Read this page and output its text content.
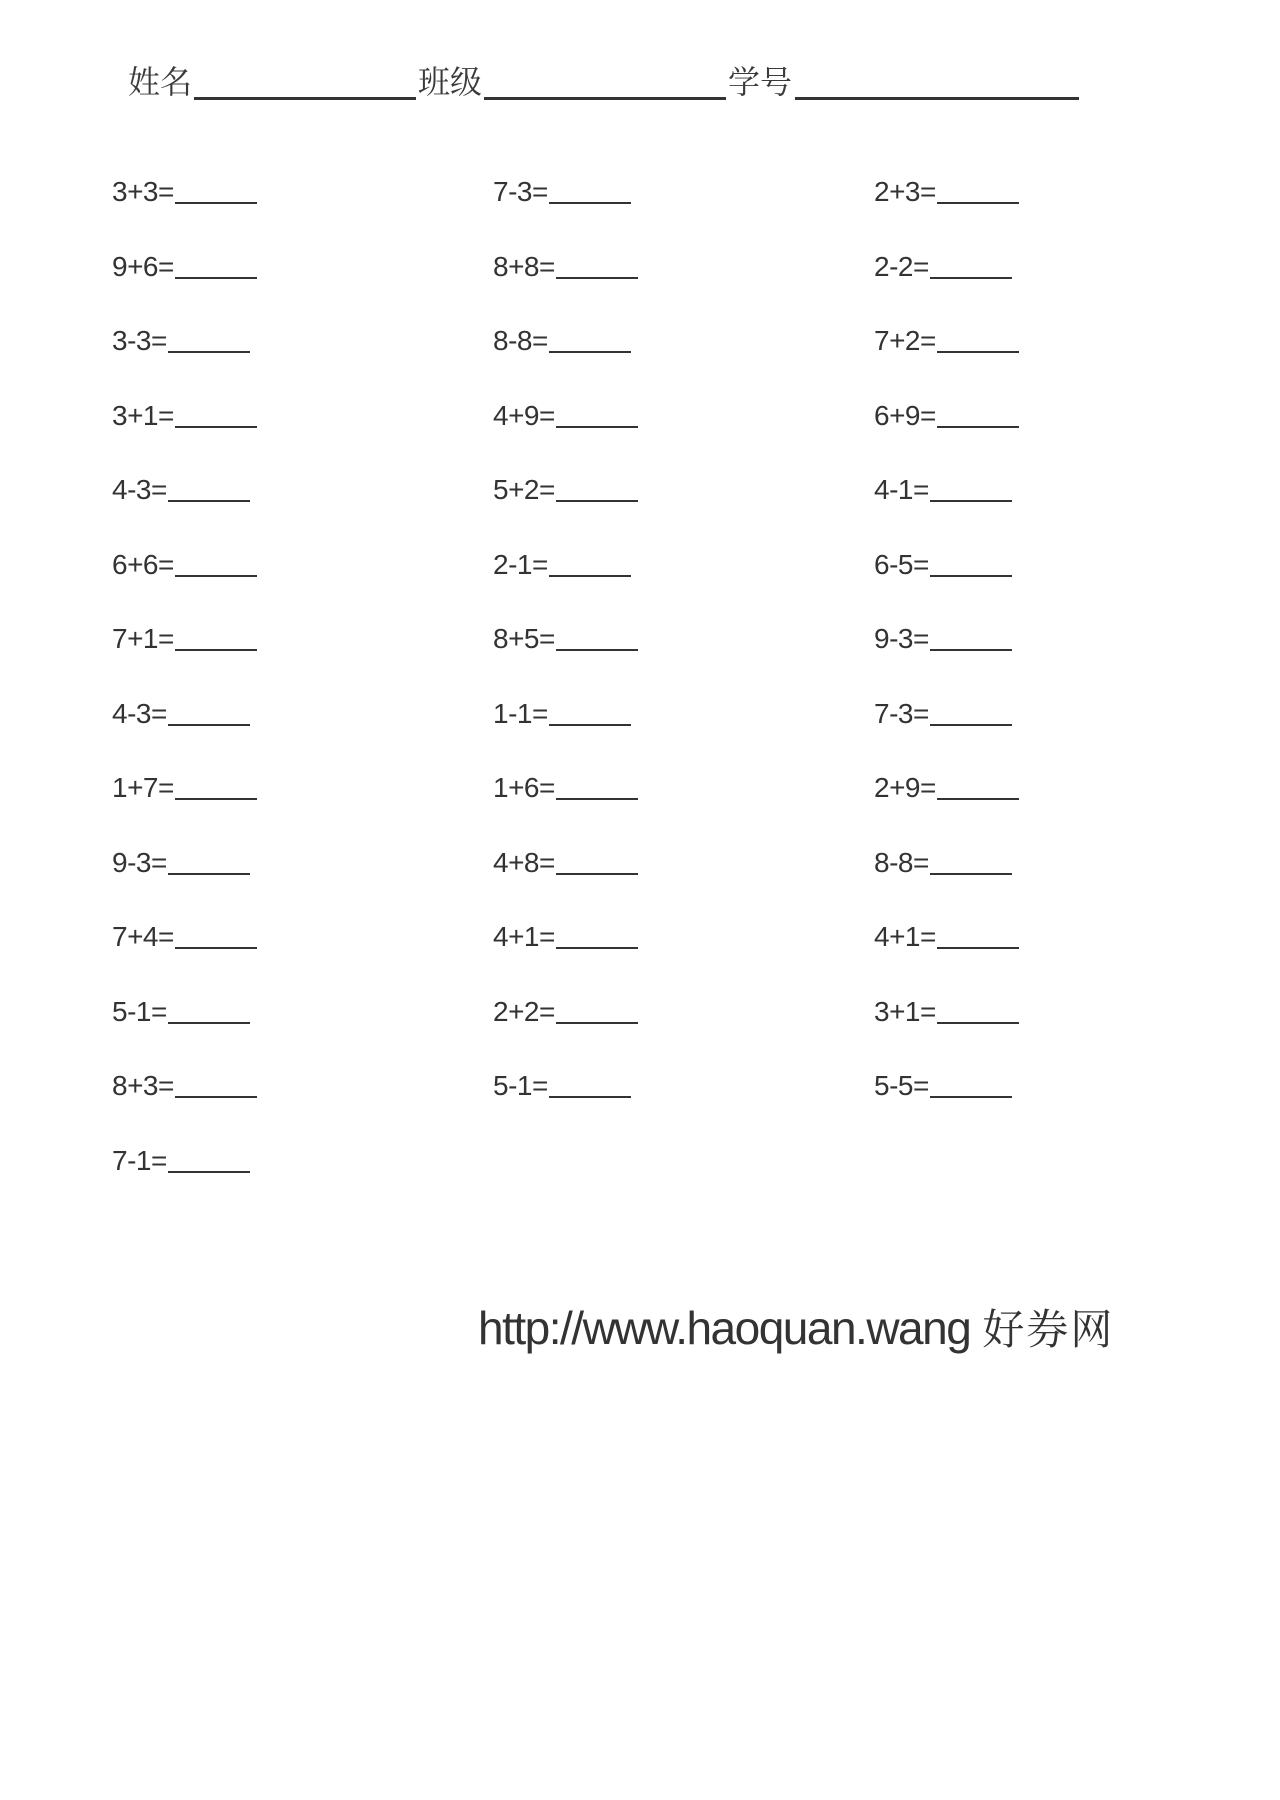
姓名	班级	学号
3+3=
9+6=
3-3=
3+1=
4-3=
6+6=
7+1=
4-3=
1+7=
9-3=
7+4=
5-1=
8+3=
7-1=
7-3=
8+8=
8-8=
4+9=
5+2=
2-1=
8+5=
1-1=
1+6=
4+8=
4+1=
2+2=
5-1=
2+3=
2-2=
7+2=
6+9=
4-1=
6-5=
9-3=
7-3=
2+9=
8-8=
4+1=
3+1=
5-5=
http://www.haoquan.wang 好券网
